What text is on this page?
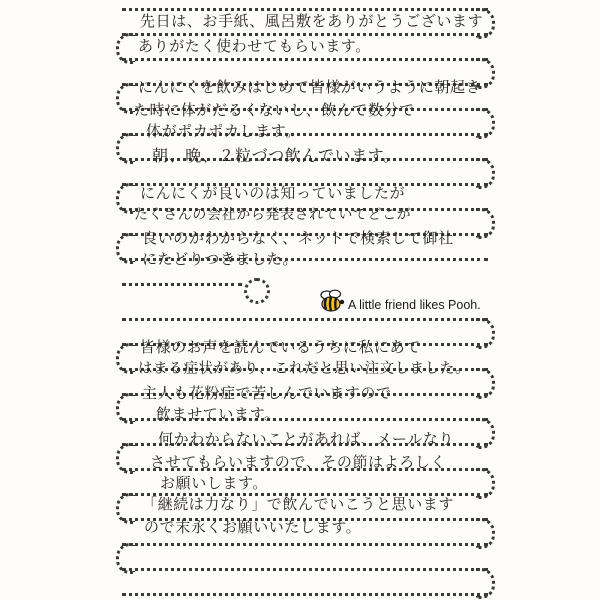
先日は、お手紙、風呂敷をありがとうございます
ありがたく使わせてもらいます。
にんにくを飲みはじめて皆様がいうように朝起き
た時に体がだるくないし、飲んで数分で
体がポカポカします。
朝、晩、２粒づつ飲んでいます。
にんにくが良いのは知っていましたが
たくさんの会社から発表されていてどこが
良いのかわからなく、ネットで検索して御社
にたどりつきました。
皆様のお声を読んでいるうちに私にあて
はまる症状があり、これだと思い注文しました。
主人も花粉症で苦しんでいますので
飲ませています。
何かわからないことがあれば、メールなり
させてもらいますので、その節はよろしく
お願いします。
「継続は力なり」で飲んでいこうと思います
ので末永くお願いいたします。
A little friend likes Pooh.
